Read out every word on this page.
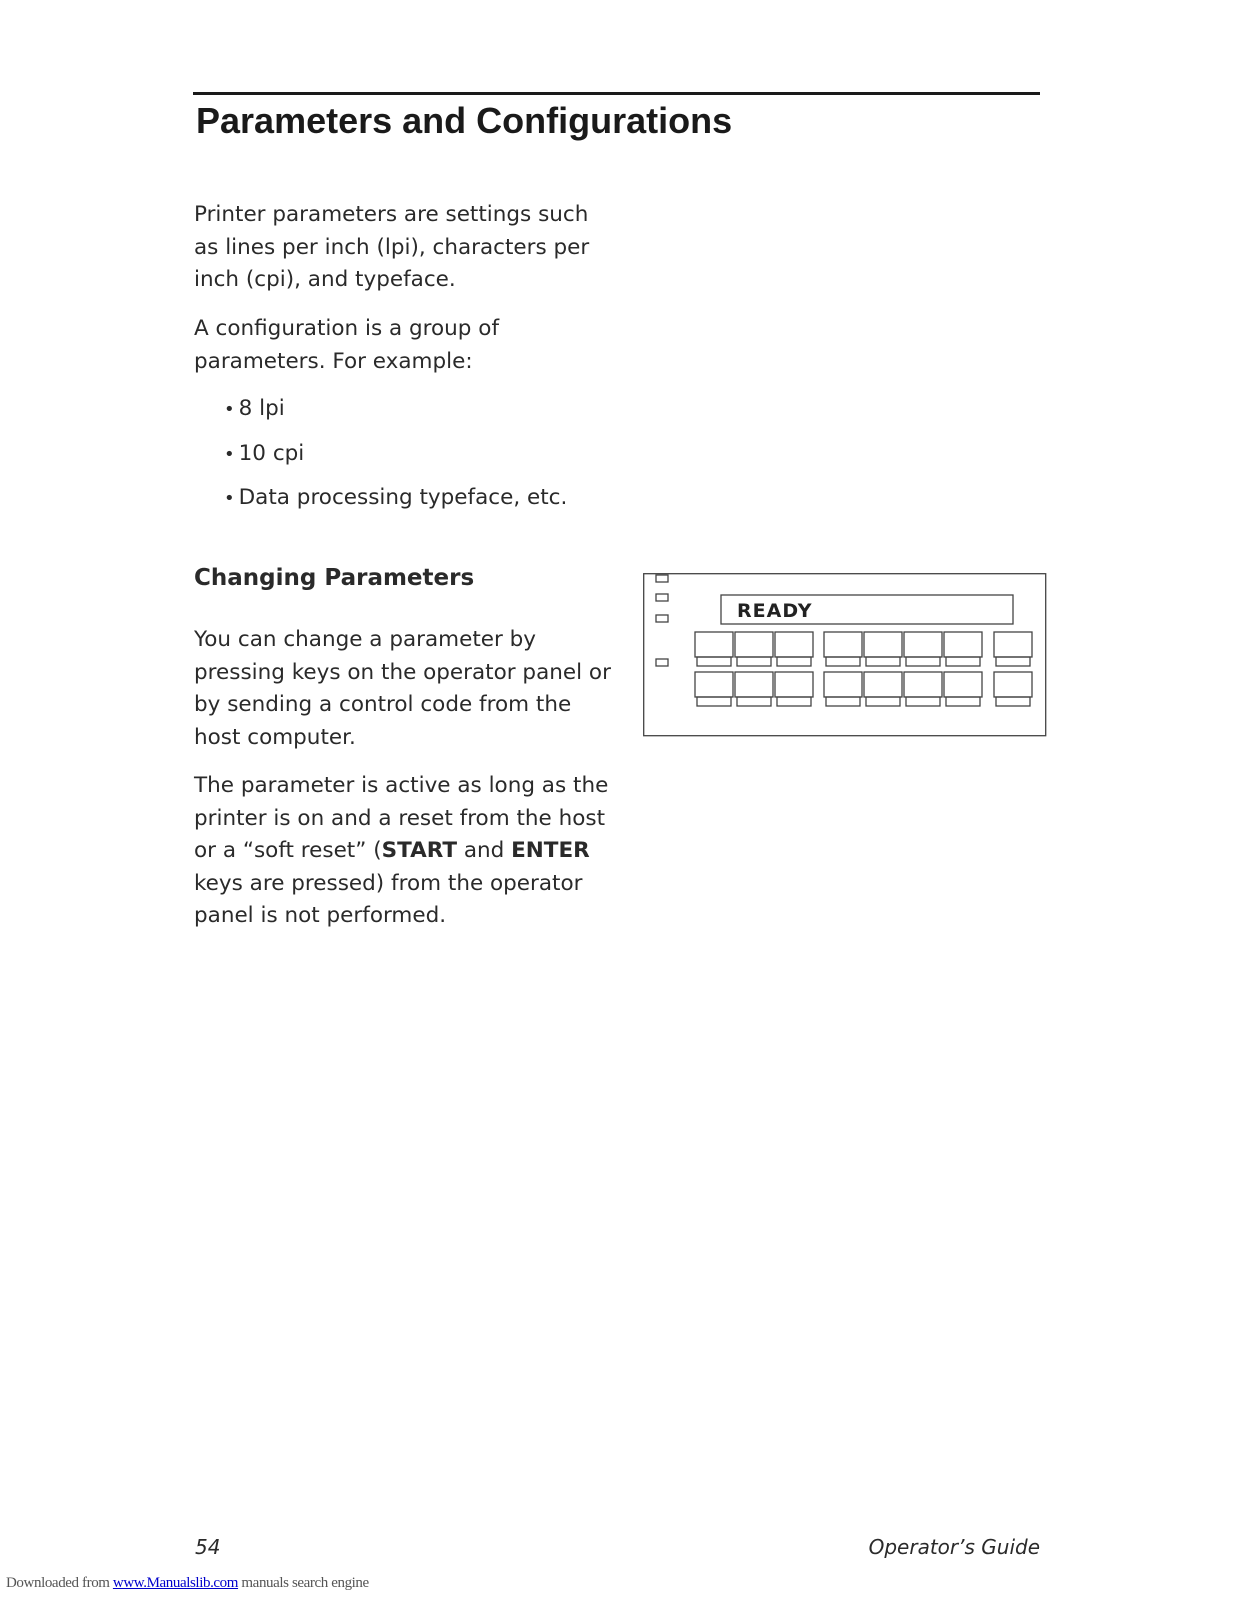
Parameters and Configurations

Printer parameters are settings such as lines per inch (lpi), characters per inch (cpi), and typeface.

A configuration is a group of parameters. For example:

• 8 lpi
• 10 cpi
• Data processing typeface, etc.
Changing Parameters

You can change a parameter by pressing keys on the operator panel or by sending a control code from the host computer.

The parameter is active as long as the printer is on and a reset from the host or a “soft reset” (START and ENTER keys are pressed) from the operator panel is not performed.

READY
54	Operator’s Guide
Downloaded from www.Manualslib.com manuals search engine
